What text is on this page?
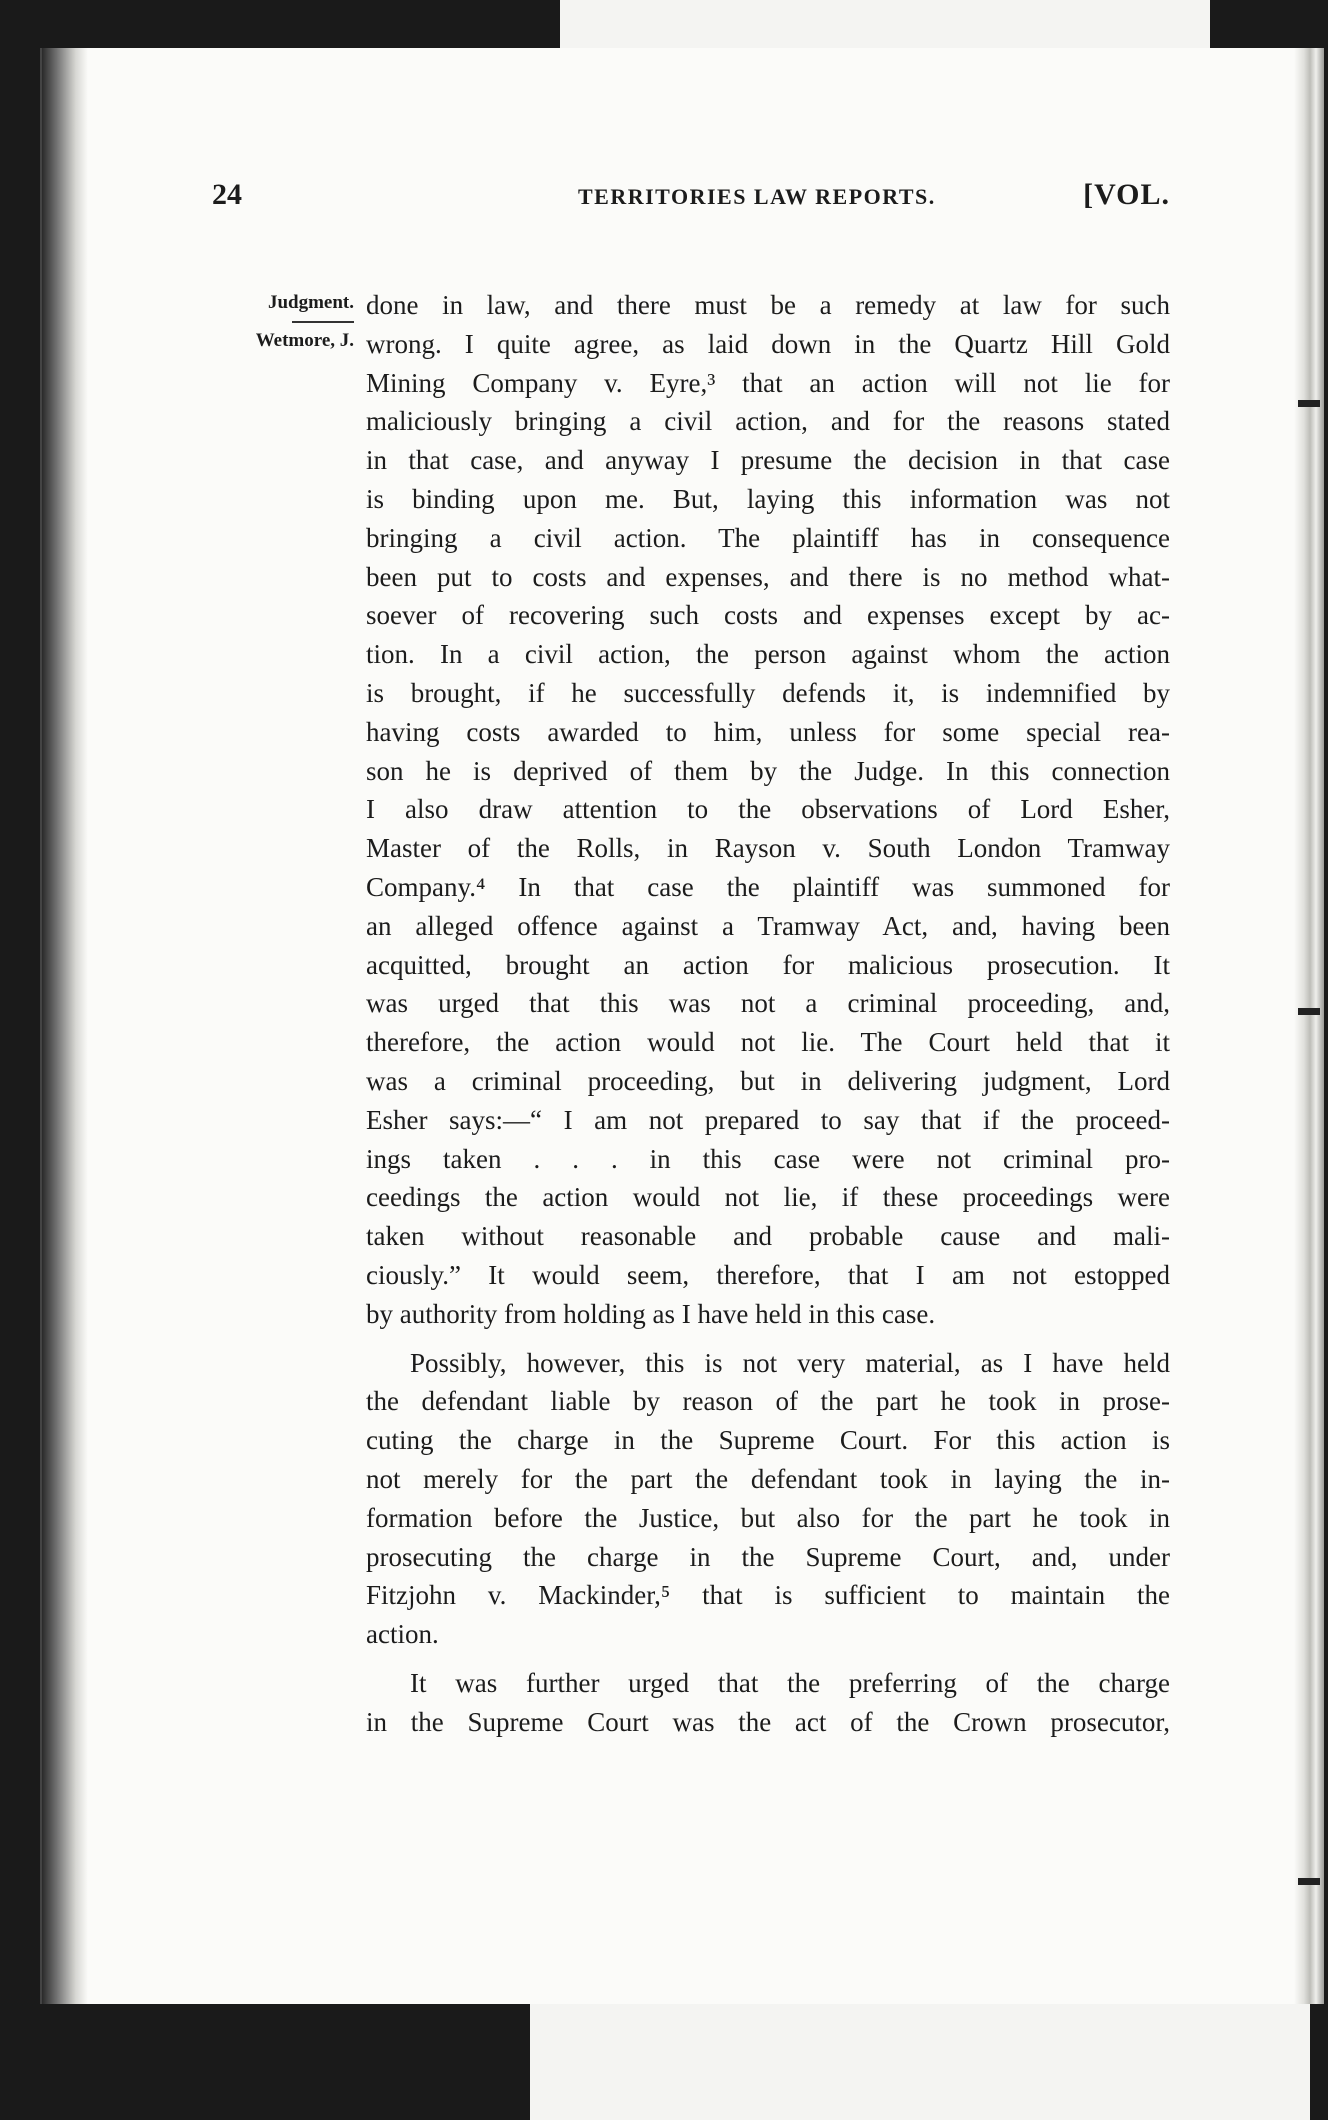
24	TERRITORIES LAW REPORTS.	[VOL.
Judgment.
Wetmore, J.
done in law, and there must be a remedy at law for such
wrong. I quite agree, as laid down in the Quartz Hill Gold
Mining Company v. Eyre,³ that an action will not lie for
maliciously bringing a civil action, and for the reasons stated
in that case, and anyway I presume the decision in that case
is binding upon me. But, laying this information was not
bringing a civil action. The plaintiff has in consequence
been put to costs and expenses, and there is no method what-
soever of recovering such costs and expenses except by ac-
tion. In a civil action, the person against whom the action
is brought, if he successfully defends it, is indemnified by
having costs awarded to him, unless for some special rea-
son he is deprived of them by the Judge. In this connection
I also draw attention to the observations of Lord Esher,
Master of the Rolls, in Rayson v. South London Tramway
Company.⁴ In that case the plaintiff was summoned for
an alleged offence against a Tramway Act, and, having been
acquitted, brought an action for malicious prosecution. It
was urged that this was not a criminal proceeding, and,
therefore, the action would not lie. The Court held that it
was a criminal proceeding, but in delivering judgment, Lord
Esher says:—“ I am not prepared to say that if the proceed-
ings taken . . . in this case were not criminal pro-
ceedings the action would not lie, if these proceedings were
taken without reasonable and probable cause and mali-
ciously.” It would seem, therefore, that I am not estopped
by authority from holding as I have held in this case.
Possibly, however, this is not very material, as I have held
the defendant liable by reason of the part he took in prose-
cuting the charge in the Supreme Court. For this action is
not merely for the part the defendant took in laying the in-
formation before the Justice, but also for the part he took in
prosecuting the charge in the Supreme Court, and, under
Fitzjohn v. Mackinder,⁵ that is sufficient to maintain the
action.
It was further urged that the preferring of the charge
in the Supreme Court was the act of the Crown prosecutor,
